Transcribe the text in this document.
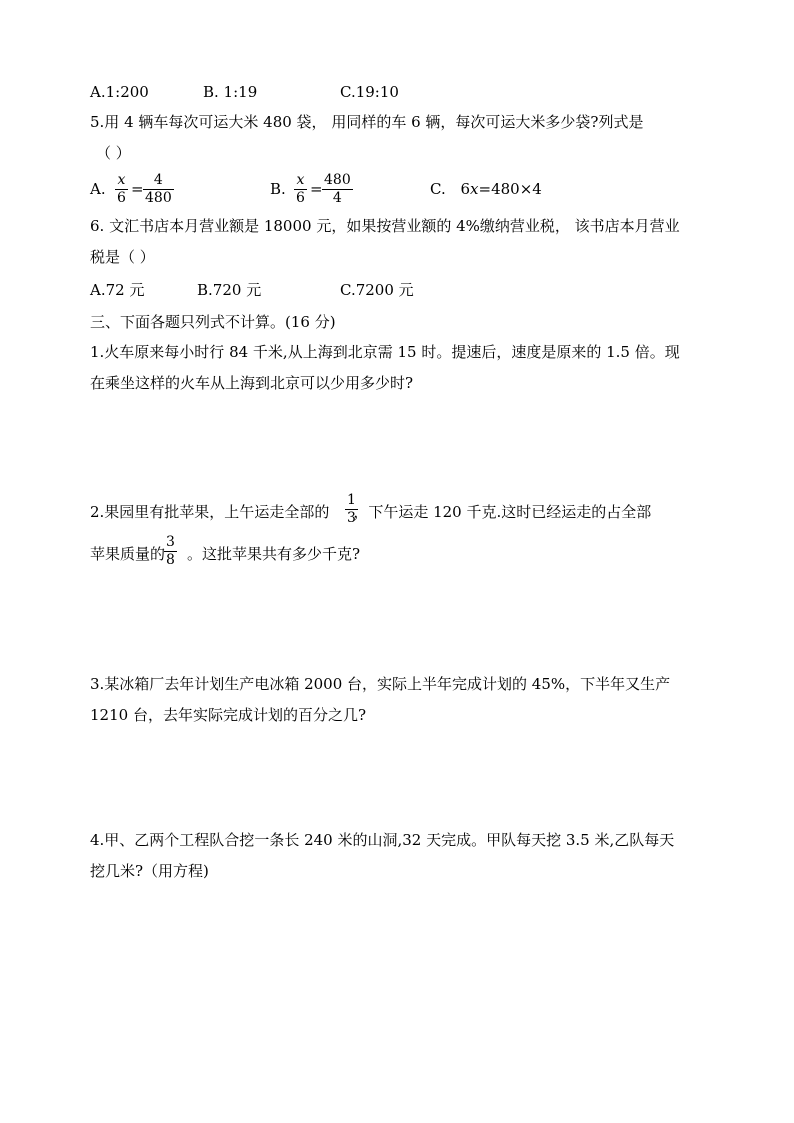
A.1:200	B. 1:19	C.19:10
5.用 4 辆车每次可运大米 480 袋， 用同样的车 6 辆，每次可运大米多少袋?列式是
（ ）
A. x
6 = 4
480	B. x
6 = 480
4	C. 6x=480×4
6. 文汇书店本月营业额是 18000 元，如果按营业额的 4%缴纳营业税， 该书店本月营业
税是（ ）
A.72 元	B.720 元	C.7200 元
三、下面各题只列式不计算。(16 分)
1.火车原来每小时行 84 千米,从上海到北京需 15 时。提速后，速度是原来的 1.5 倍。现
在乘坐这样的火车从上海到北京可以少用多少时?
2.果园里有批苹果，上午运走全部的 ，下午运走 120 千克.这时已经运走的占全部
1
3
苹果质量的 。这批苹果共有多少千克?
3
8
3.某冰箱厂去年计划生产电冰箱 2000 台，实际上半年完成计划的 45%，下半年又生产
1210 台，去年实际完成计划的百分之几?
4.甲、乙两个工程队合挖一条长 240 米的山洞,32 天完成。甲队每天挖 3.5 米,乙队每天
挖几米?（用方程)
